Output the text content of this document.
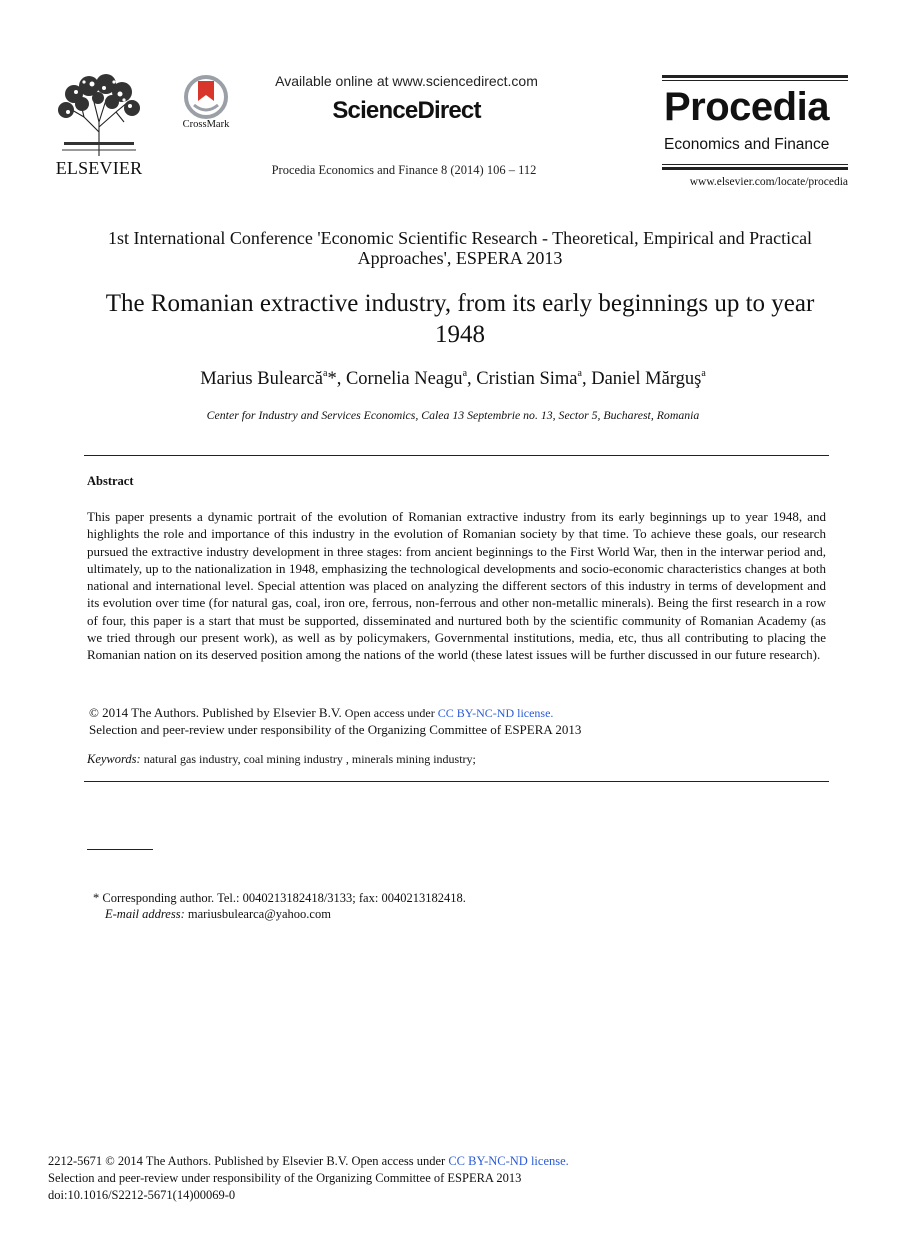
ELSEVIER
CrossMark
Available online at www.sciencedirect.com
ScienceDirect
Procedia Economics and Finance 8 (2014) 106 – 112
Procedia
Economics and Finance
www.elsevier.com/locate/procedia
1st International Conference 'Economic Scientific Research - Theoretical, Empirical and Practical Approaches', ESPERA 2013
The Romanian extractive industry, from its early beginnings up to year 1948
Marius Bulearcă$^a$*, Cornelia Neagu$^a$, Cristian Sima$^a$, Daniel Mărguş$^a$
Center for Industry and Services Economics, Calea 13 Septembrie no. 13, Sector 5, Bucharest, Romania
Abstract
This paper presents a dynamic portrait of the evolution of Romanian extractive industry from its early beginnings up to year 1948, and highlights the role and importance of this industry in the evolution of Romanian society by that time. To achieve these goals, our research pursued the extractive industry development in three stages: from ancient beginnings to the First World War, then in the interwar period and, ultimately, up to the nationalization in 1948, emphasizing the technological developments and socio-economic characteristics changes at both national and international level. Special attention was placed on analyzing the different sectors of this industry in terms of development and its evolution over time (for natural gas, coal, iron ore, ferrous, non-ferrous and other non-metallic minerals). Being the first research in a row of four, this paper is a start that must be supported, disseminated and nurtured both by the scientific community of Romanian Academy (as we tried through our present work), as well as by policymakers, Governmental institutions, media, etc, thus all contributing to placing the Romanian nation on its deserved position among the nations of the world (these latest issues will be further discussed in our future research).
© 2014 The Authors. Published by Elsevier B.V. Open access under CC BY-NC-ND license.
Selection and peer-review under responsibility of the Organizing Committee of ESPERA 2013
Keywords: natural gas industry, coal mining industry , minerals mining industry;
* Corresponding author. Tel.: 0040213182418/3133; fax: 0040213182418.
E-mail address: mariusbulearca@yahoo.com
2212-5671 © 2014 The Authors. Published by Elsevier B.V. Open access under CC BY-NC-ND license.
Selection and peer-review under responsibility of the Organizing Committee of ESPERA 2013
doi:10.1016/S2212-5671(14)00069-0
